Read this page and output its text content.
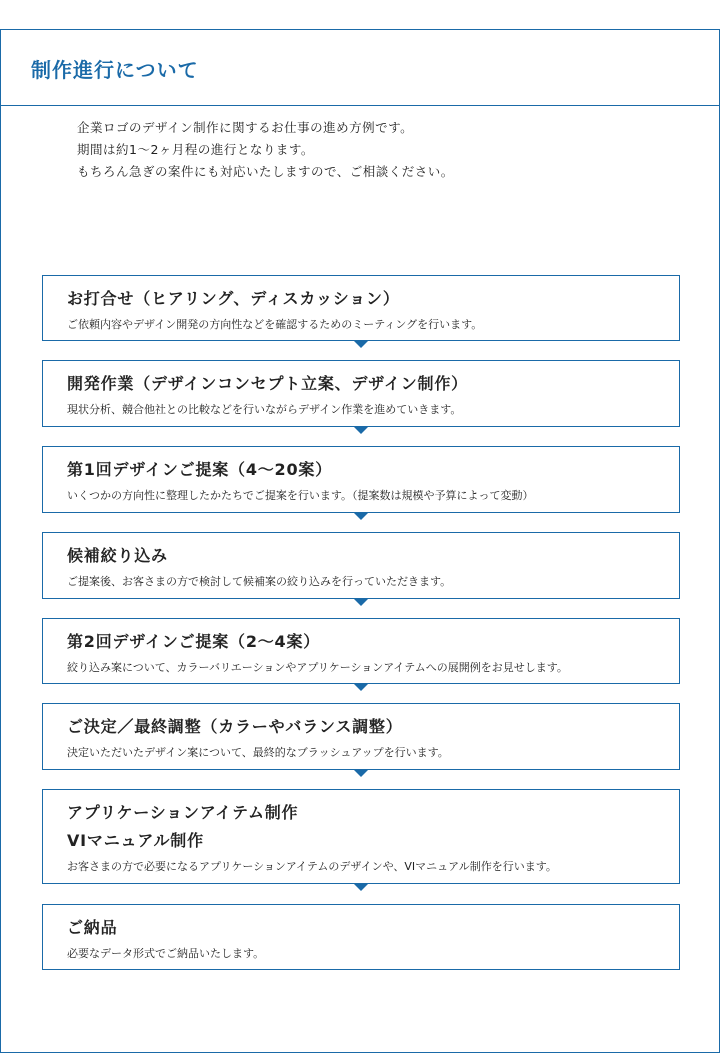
制作進行について
企業ロゴのデザイン制作に関するお仕事の進め方例です。
期間は約1〜2ヶ月程の進行となります。
もちろん急ぎの案件にも対応いたしますので、ご相談ください。
お打合せ（ヒアリング、ディスカッション）
ご依頼内容やデザイン開発の方向性などを確認するためのミーティングを行います。
開発作業（デザインコンセプト立案、デザイン制作）
現状分析、競合他社との比較などを行いながらデザイン作業を進めていきます。
第1回デザインご提案（4〜20案）
いくつかの方向性に整理したかたちでご提案を行います。（提案数は規模や予算によって変動）
候補絞り込み
ご提案後、お客さまの方で検討して候補案の絞り込みを行っていただきます。
第2回デザインご提案（2〜4案）
絞り込み案について、カラーバリエーションやアプリケーションアイテムへの展開例をお見せします。
ご決定／最終調整（カラーやバランス調整）
決定いただいたデザイン案について、最終的なブラッシュアップを行います。
アプリケーションアイテム制作
VIマニュアル制作
お客さまの方で必要になるアプリケーションアイテムのデザインや、VIマニュアル制作を行います。
ご納品
必要なデータ形式でご納品いたします。
